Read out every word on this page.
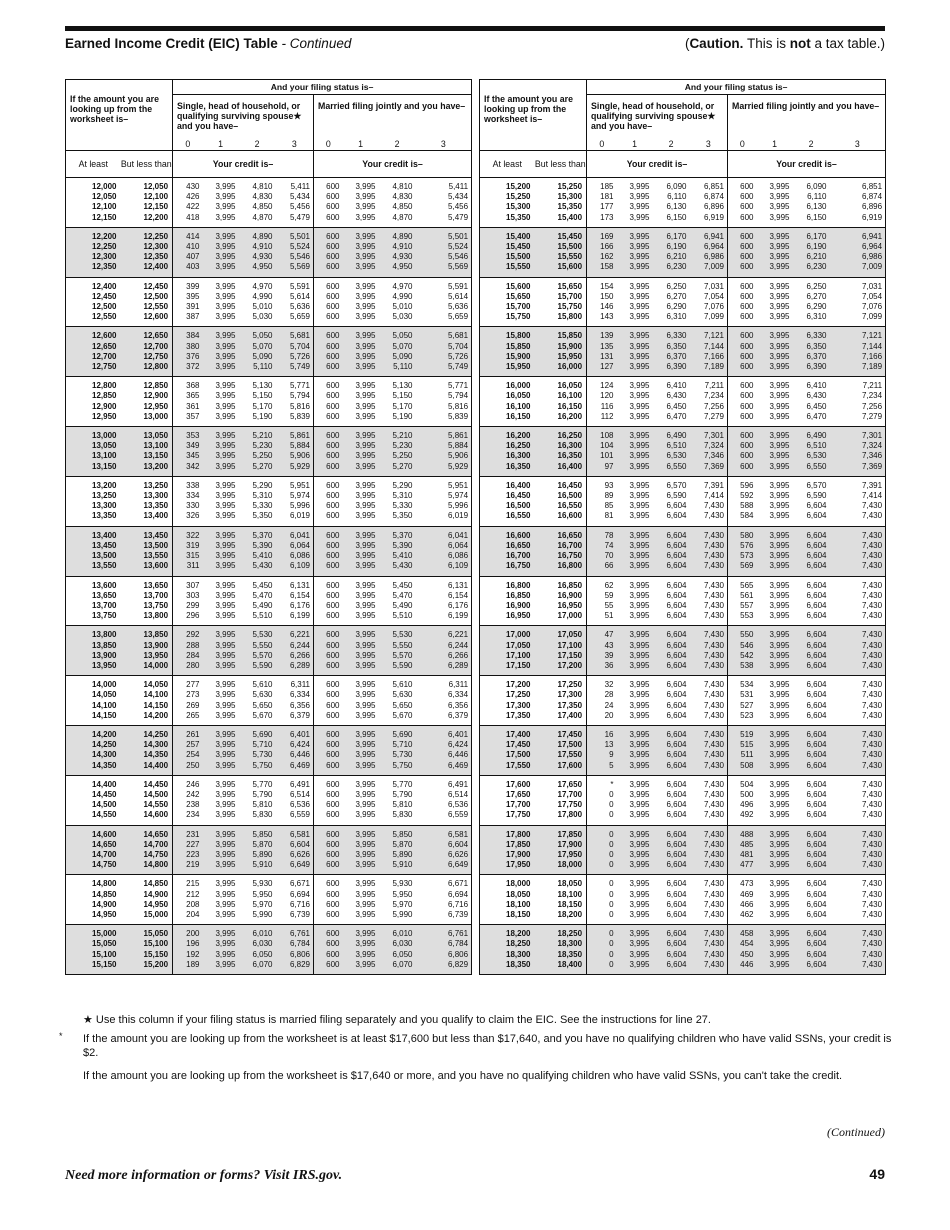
Earned Income Credit (EIC) Table - Continued	(Caution. This is not a tax table.)
If the amount you are looking up from the worksheet is–		And your filing status is–							
		Single, head of household, or qualifying surviving spouse★ and you have–				Married filing jointly and you have–			
		0	1	2	3	0	1	2	3
At least	But less than	Your credit is–				Your credit is–			
12,000	12,050	430	3,995	4,810	5,411	600	3,995	4,810	5,411
12,050	12,100	426	3,995	4,830	5,434	600	3,995	4,830	5,434
12,100	12,150	422	3,995	4,850	5,456	600	3,995	4,850	5,456
12,150	12,200	418	3,995	4,870	5,479	600	3,995	4,870	5,479
12,200	12,250	414	3,995	4,890	5,501	600	3,995	4,890	5,501
12,250	12,300	410	3,995	4,910	5,524	600	3,995	4,910	5,524
12,300	12,350	407	3,995	4,930	5,546	600	3,995	4,930	5,546
12,350	12,400	403	3,995	4,950	5,569	600	3,995	4,950	5,569
12,400	12,450	399	3,995	4,970	5,591	600	3,995	4,970	5,591
12,450	12,500	395	3,995	4,990	5,614	600	3,995	4,990	5,614
12,500	12,550	391	3,995	5,010	5,636	600	3,995	5,010	5,636
12,550	12,600	387	3,995	5,030	5,659	600	3,995	5,030	5,659
12,600	12,650	384	3,995	5,050	5,681	600	3,995	5,050	5,681
12,650	12,700	380	3,995	5,070	5,704	600	3,995	5,070	5,704
12,700	12,750	376	3,995	5,090	5,726	600	3,995	5,090	5,726
12,750	12,800	372	3,995	5,110	5,749	600	3,995	5,110	5,749
12,800	12,850	368	3,995	5,130	5,771	600	3,995	5,130	5,771
12,850	12,900	365	3,995	5,150	5,794	600	3,995	5,150	5,794
12,900	12,950	361	3,995	5,170	5,816	600	3,995	5,170	5,816
12,950	13,000	357	3,995	5,190	5,839	600	3,995	5,190	5,839
13,000	13,050	353	3,995	5,210	5,861	600	3,995	5,210	5,861
13,050	13,100	349	3,995	5,230	5,884	600	3,995	5,230	5,884
13,100	13,150	345	3,995	5,250	5,906	600	3,995	5,250	5,906
13,150	13,200	342	3,995	5,270	5,929	600	3,995	5,270	5,929
13,200	13,250	338	3,995	5,290	5,951	600	3,995	5,290	5,951
13,250	13,300	334	3,995	5,310	5,974	600	3,995	5,310	5,974
13,300	13,350	330	3,995	5,330	5,996	600	3,995	5,330	5,996
13,350	13,400	326	3,995	5,350	6,019	600	3,995	5,350	6,019
13,400	13,450	322	3,995	5,370	6,041	600	3,995	5,370	6,041
13,450	13,500	319	3,995	5,390	6,064	600	3,995	5,390	6,064
13,500	13,550	315	3,995	5,410	6,086	600	3,995	5,410	6,086
13,550	13,600	311	3,995	5,430	6,109	600	3,995	5,430	6,109
13,600	13,650	307	3,995	5,450	6,131	600	3,995	5,450	6,131
13,650	13,700	303	3,995	5,470	6,154	600	3,995	5,470	6,154
13,700	13,750	299	3,995	5,490	6,176	600	3,995	5,490	6,176
13,750	13,800	296	3,995	5,510	6,199	600	3,995	5,510	6,199
13,800	13,850	292	3,995	5,530	6,221	600	3,995	5,530	6,221
13,850	13,900	288	3,995	5,550	6,244	600	3,995	5,550	6,244
13,900	13,950	284	3,995	5,570	6,266	600	3,995	5,570	6,266
13,950	14,000	280	3,995	5,590	6,289	600	3,995	5,590	6,289
14,000	14,050	277	3,995	5,610	6,311	600	3,995	5,610	6,311
14,050	14,100	273	3,995	5,630	6,334	600	3,995	5,630	6,334
14,100	14,150	269	3,995	5,650	6,356	600	3,995	5,650	6,356
14,150	14,200	265	3,995	5,670	6,379	600	3,995	5,670	6,379
14,200	14,250	261	3,995	5,690	6,401	600	3,995	5,690	6,401
14,250	14,300	257	3,995	5,710	6,424	600	3,995	5,710	6,424
14,300	14,350	254	3,995	5,730	6,446	600	3,995	5,730	6,446
14,350	14,400	250	3,995	5,750	6,469	600	3,995	5,750	6,469
14,400	14,450	246	3,995	5,770	6,491	600	3,995	5,770	6,491
14,450	14,500	242	3,995	5,790	6,514	600	3,995	5,790	6,514
14,500	14,550	238	3,995	5,810	6,536	600	3,995	5,810	6,536
14,550	14,600	234	3,995	5,830	6,559	600	3,995	5,830	6,559
14,600	14,650	231	3,995	5,850	6,581	600	3,995	5,850	6,581
14,650	14,700	227	3,995	5,870	6,604	600	3,995	5,870	6,604
14,700	14,750	223	3,995	5,890	6,626	600	3,995	5,890	6,626
14,750	14,800	219	3,995	5,910	6,649	600	3,995	5,910	6,649
14,800	14,850	215	3,995	5,930	6,671	600	3,995	5,930	6,671
14,850	14,900	212	3,995	5,950	6,694	600	3,995	5,950	6,694
14,900	14,950	208	3,995	5,970	6,716	600	3,995	5,970	6,716
14,950	15,000	204	3,995	5,990	6,739	600	3,995	5,990	6,739
15,000	15,050	200	3,995	6,010	6,761	600	3,995	6,010	6,761
15,050	15,100	196	3,995	6,030	6,784	600	3,995	6,030	6,784
15,100	15,150	192	3,995	6,050	6,806	600	3,995	6,050	6,806
15,150	15,200	189	3,995	6,070	6,829	600	3,995	6,070	6,829
If the amount you are looking up from the worksheet is–		And your filing status is–							
		Single, head of household, or qualifying surviving spouse★ and you have–				Married filing jointly and you have–			
		0	1	2	3	0	1	2	3
At least	But less than	Your credit is–				Your credit is–			
15,200	15,250	185	3,995	6,090	6,851	600	3,995	6,090	6,851
15,250	15,300	181	3,995	6,110	6,874	600	3,995	6,110	6,874
15,300	15,350	177	3,995	6,130	6,896	600	3,995	6,130	6,896
15,350	15,400	173	3,995	6,150	6,919	600	3,995	6,150	6,919
15,400	15,450	169	3,995	6,170	6,941	600	3,995	6,170	6,941
15,450	15,500	166	3,995	6,190	6,964	600	3,995	6,190	6,964
15,500	15,550	162	3,995	6,210	6,986	600	3,995	6,210	6,986
15,550	15,600	158	3,995	6,230	7,009	600	3,995	6,230	7,009
15,600	15,650	154	3,995	6,250	7,031	600	3,995	6,250	7,031
15,650	15,700	150	3,995	6,270	7,054	600	3,995	6,270	7,054
15,700	15,750	146	3,995	6,290	7,076	600	3,995	6,290	7,076
15,750	15,800	143	3,995	6,310	7,099	600	3,995	6,310	7,099
15,800	15,850	139	3,995	6,330	7,121	600	3,995	6,330	7,121
15,850	15,900	135	3,995	6,350	7,144	600	3,995	6,350	7,144
15,900	15,950	131	3,995	6,370	7,166	600	3,995	6,370	7,166
15,950	16,000	127	3,995	6,390	7,189	600	3,995	6,390	7,189
16,000	16,050	124	3,995	6,410	7,211	600	3,995	6,410	7,211
16,050	16,100	120	3,995	6,430	7,234	600	3,995	6,430	7,234
16,100	16,150	116	3,995	6,450	7,256	600	3,995	6,450	7,256
16,150	16,200	112	3,995	6,470	7,279	600	3,995	6,470	7,279
16,200	16,250	108	3,995	6,490	7,301	600	3,995	6,490	7,301
16,250	16,300	104	3,995	6,510	7,324	600	3,995	6,510	7,324
16,300	16,350	101	3,995	6,530	7,346	600	3,995	6,530	7,346
16,350	16,400	97	3,995	6,550	7,369	600	3,995	6,550	7,369
16,400	16,450	93	3,995	6,570	7,391	596	3,995	6,570	7,391
16,450	16,500	89	3,995	6,590	7,414	592	3,995	6,590	7,414
16,500	16,550	85	3,995	6,604	7,430	588	3,995	6,604	7,430
16,550	16,600	81	3,995	6,604	7,430	584	3,995	6,604	7,430
16,600	16,650	78	3,995	6,604	7,430	580	3,995	6,604	7,430
16,650	16,700	74	3,995	6,604	7,430	576	3,995	6,604	7,430
16,700	16,750	70	3,995	6,604	7,430	573	3,995	6,604	7,430
16,750	16,800	66	3,995	6,604	7,430	569	3,995	6,604	7,430
16,800	16,850	62	3,995	6,604	7,430	565	3,995	6,604	7,430
16,850	16,900	59	3,995	6,604	7,430	561	3,995	6,604	7,430
16,900	16,950	55	3,995	6,604	7,430	557	3,995	6,604	7,430
16,950	17,000	51	3,995	6,604	7,430	553	3,995	6,604	7,430
17,000	17,050	47	3,995	6,604	7,430	550	3,995	6,604	7,430
17,050	17,100	43	3,995	6,604	7,430	546	3,995	6,604	7,430
17,100	17,150	39	3,995	6,604	7,430	542	3,995	6,604	7,430
17,150	17,200	36	3,995	6,604	7,430	538	3,995	6,604	7,430
17,200	17,250	32	3,995	6,604	7,430	534	3,995	6,604	7,430
17,250	17,300	28	3,995	6,604	7,430	531	3,995	6,604	7,430
17,300	17,350	24	3,995	6,604	7,430	527	3,995	6,604	7,430
17,350	17,400	20	3,995	6,604	7,430	523	3,995	6,604	7,430
17,400	17,450	16	3,995	6,604	7,430	519	3,995	6,604	7,430
17,450	17,500	13	3,995	6,604	7,430	515	3,995	6,604	7,430
17,500	17,550	9	3,995	6,604	7,430	511	3,995	6,604	7,430
17,550	17,600	5	3,995	6,604	7,430	508	3,995	6,604	7,430
17,600	17,650	*	3,995	6,604	7,430	504	3,995	6,604	7,430
17,650	17,700	0	3,995	6,604	7,430	500	3,995	6,604	7,430
17,700	17,750	0	3,995	6,604	7,430	496	3,995	6,604	7,430
17,750	17,800	0	3,995	6,604	7,430	492	3,995	6,604	7,430
17,800	17,850	0	3,995	6,604	7,430	488	3,995	6,604	7,430
17,850	17,900	0	3,995	6,604	7,430	485	3,995	6,604	7,430
17,900	17,950	0	3,995	6,604	7,430	481	3,995	6,604	7,430
17,950	18,000	0	3,995	6,604	7,430	477	3,995	6,604	7,430
18,000	18,050	0	3,995	6,604	7,430	473	3,995	6,604	7,430
18,050	18,100	0	3,995	6,604	7,430	469	3,995	6,604	7,430
18,100	18,150	0	3,995	6,604	7,430	466	3,995	6,604	7,430
18,150	18,200	0	3,995	6,604	7,430	462	3,995	6,604	7,430
18,200	18,250	0	3,995	6,604	7,430	458	3,995	6,604	7,430
18,250	18,300	0	3,995	6,604	7,430	454	3,995	6,604	7,430
18,300	18,350	0	3,995	6,604	7,430	450	3,995	6,604	7,430
18,350	18,400	0	3,995	6,604	7,430	446	3,995	6,604	7,430
★ Use this column if your filing status is married filing separately and you qualify to claim the EIC. See the instructions for line 27.
* If the amount you are looking up from the worksheet is at least $17,600 but less than $17,640, and you have no qualifying children who have valid SSNs, your credit is $2.
If the amount you are looking up from the worksheet is $17,640 or more, and you have no qualifying children who have valid SSNs, you can't take the credit.
(Continued)
Need more information or forms? Visit IRS.gov.	49
